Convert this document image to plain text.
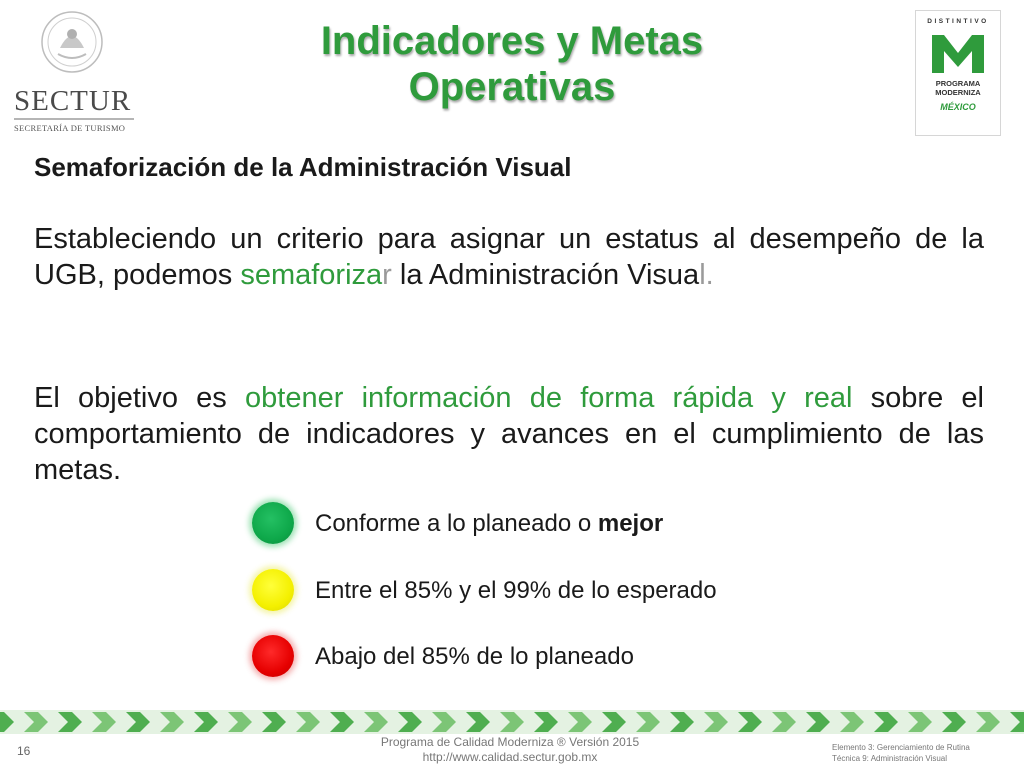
SECTUR
SECRETARÍA DE TURISMO
Indicadores y Metas
Operativas
DISTINTIVO
PROGRAMA
MODERNIZA
MÉXICO
Semaforización de la Administración Visual
Estableciendo un criterio para asignar un estatus al desempeño de la UGB, podemos semaforizar la Administración Visual.
El objetivo es obtener información de forma rápida y real sobre el comportamiento de indicadores y avances en el cumplimiento de las metas.
Conforme a lo planeado o mejor
Entre el 85% y el 99% de lo esperado
Abajo del 85% de lo planeado
16
Programa de Calidad Moderniza ® Versión 2015
http://www.calidad.sectur.gob.mx
Elemento 3: Gerenciamiento de Rutina
Técnica 9: Administración Visual
